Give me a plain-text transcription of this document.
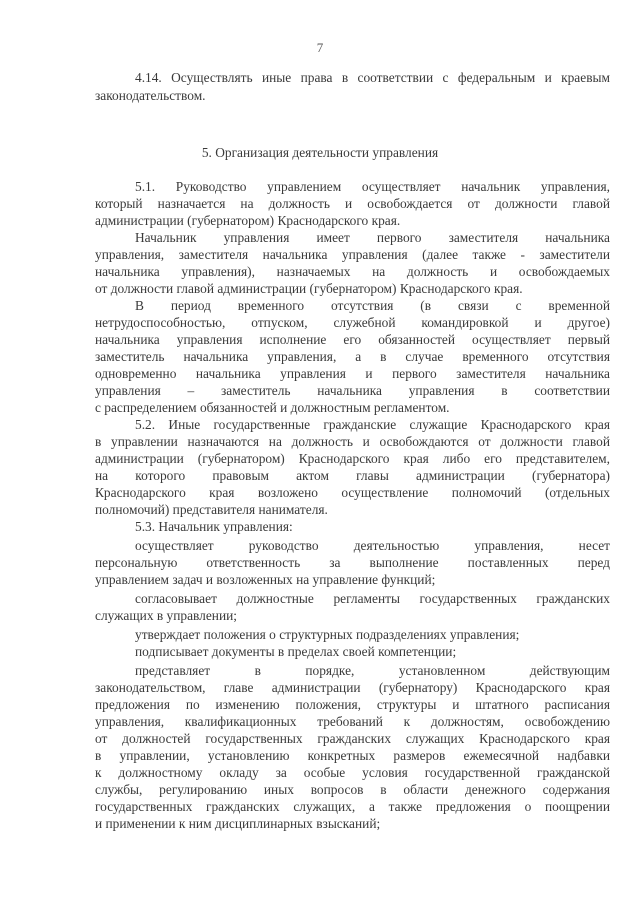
7
4.14. Осуществлять иные права в соответствии с федеральным и краевым
законодательством.
5. Организация деятельности управления
5.1. Руководство управлением осуществляет начальник управления,
который назначается на должность и освобождается от должности главой
администрации (губернатором) Краснодарского края.
Начальник управления имеет первого заместителя начальника
управления, заместителя начальника управления (далее также - заместители
начальника управления), назначаемых на должность и освобождаемых
от должности главой администрации (губернатором) Краснодарского края.
В период временного отсутствия (в связи с временной
нетрудоспособностью, отпуском, служебной командировкой и другое)
начальника управления исполнение его обязанностей осуществляет первый
заместитель начальника управления, а в случае временного отсутствия
одновременно начальника управления и первого заместителя начальника
управления – заместитель начальника управления в соответствии
с распределением обязанностей и должностным регламентом.
5.2. Иные государственные гражданские служащие Краснодарского края
в управлении назначаются на должность и освобождаются от должности главой
администрации (губернатором) Краснодарского края либо его представителем,
на которого правовым актом главы администрации (губернатора)
Краснодарского края возложено осуществление полномочий (отдельных
полномочий) представителя нанимателя.
5.3. Начальник управления:
осуществляет руководство деятельностью управления, несет
персональную ответственность за выполнение поставленных перед
управлением задач и возложенных на управление функций;
согласовывает должностные регламенты государственных гражданских
служащих в управлении;
утверждает положения о структурных подразделениях управления;
подписывает документы в пределах своей компетенции;
представляет в порядке, установленном действующим
законодательством, главе администрации (губернатору) Краснодарского края
предложения по изменению положения, структуры и штатного расписания
управления, квалификационных требований к должностям, освобождению
от должностей государственных гражданских служащих Краснодарского края
в управлении, установлению конкретных размеров ежемесячной надбавки
к должностному окладу за особые условия государственной гражданской
службы, регулированию иных вопросов в области денежного содержания
государственных гражданских служащих, а также предложения о поощрении
и применении к ним дисциплинарных взысканий;
